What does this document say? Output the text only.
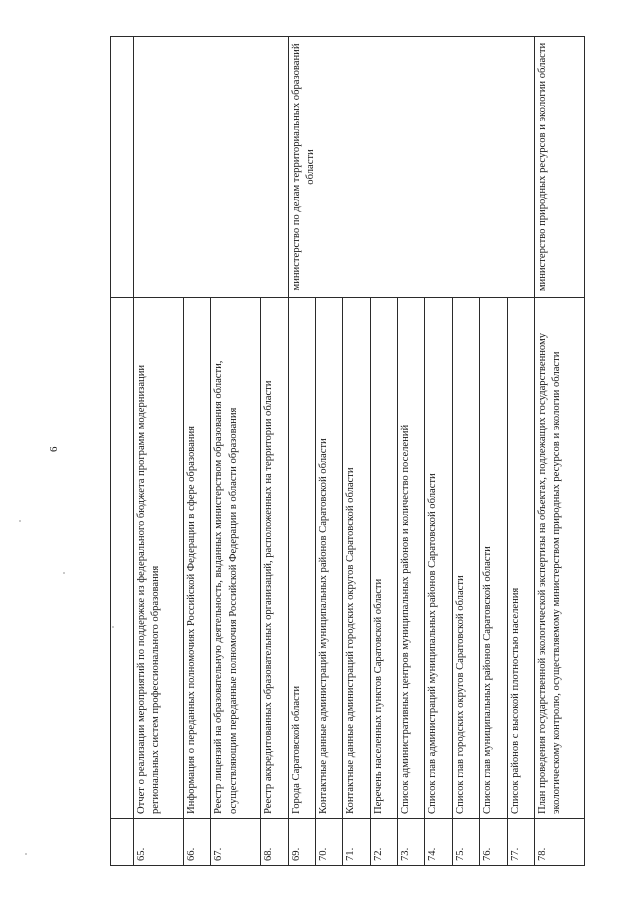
6

65.	Отчет о реализации мероприятий по поддержке из федерального бюджета программ модернизации региональных систем профессионального образования	
66.	Информация о переданных полномочиях Российской Федерации в сфере образования	
67.	Реестр лицензий на образовательную деятельность, выданных министерством образования области, осуществляющим переданные полномочия Российской Федерации в области образования	
68.	Реестр аккредитованных образовательных организаций, расположенных на территории области	
69.	Города Саратовской области	министерство по делам территориальных образований области
70.	Контактные данные администраций муниципальных районов Саратовской области	
71.	Контактные данные администраций городских округов Саратовской области	
72.	Перечень населенных пунктов Саратовской области	
73.	Список административных центров муниципальных районов и количество поселений	
74.	Список глав администраций муниципальных районов Саратовской области	
75.	Список глав городских округов Саратовской области	
76.	Список глав муниципальных районов Саратовской области	
77.	Список районов с высокой плотностью населения	
78.	План проведения государственной экологической экспертизы на объектах, подлежащих государственному экологическому контролю, осуществляемому министерством природных ресурсов и экологии области	министерство природных ресурсов и экологии области
